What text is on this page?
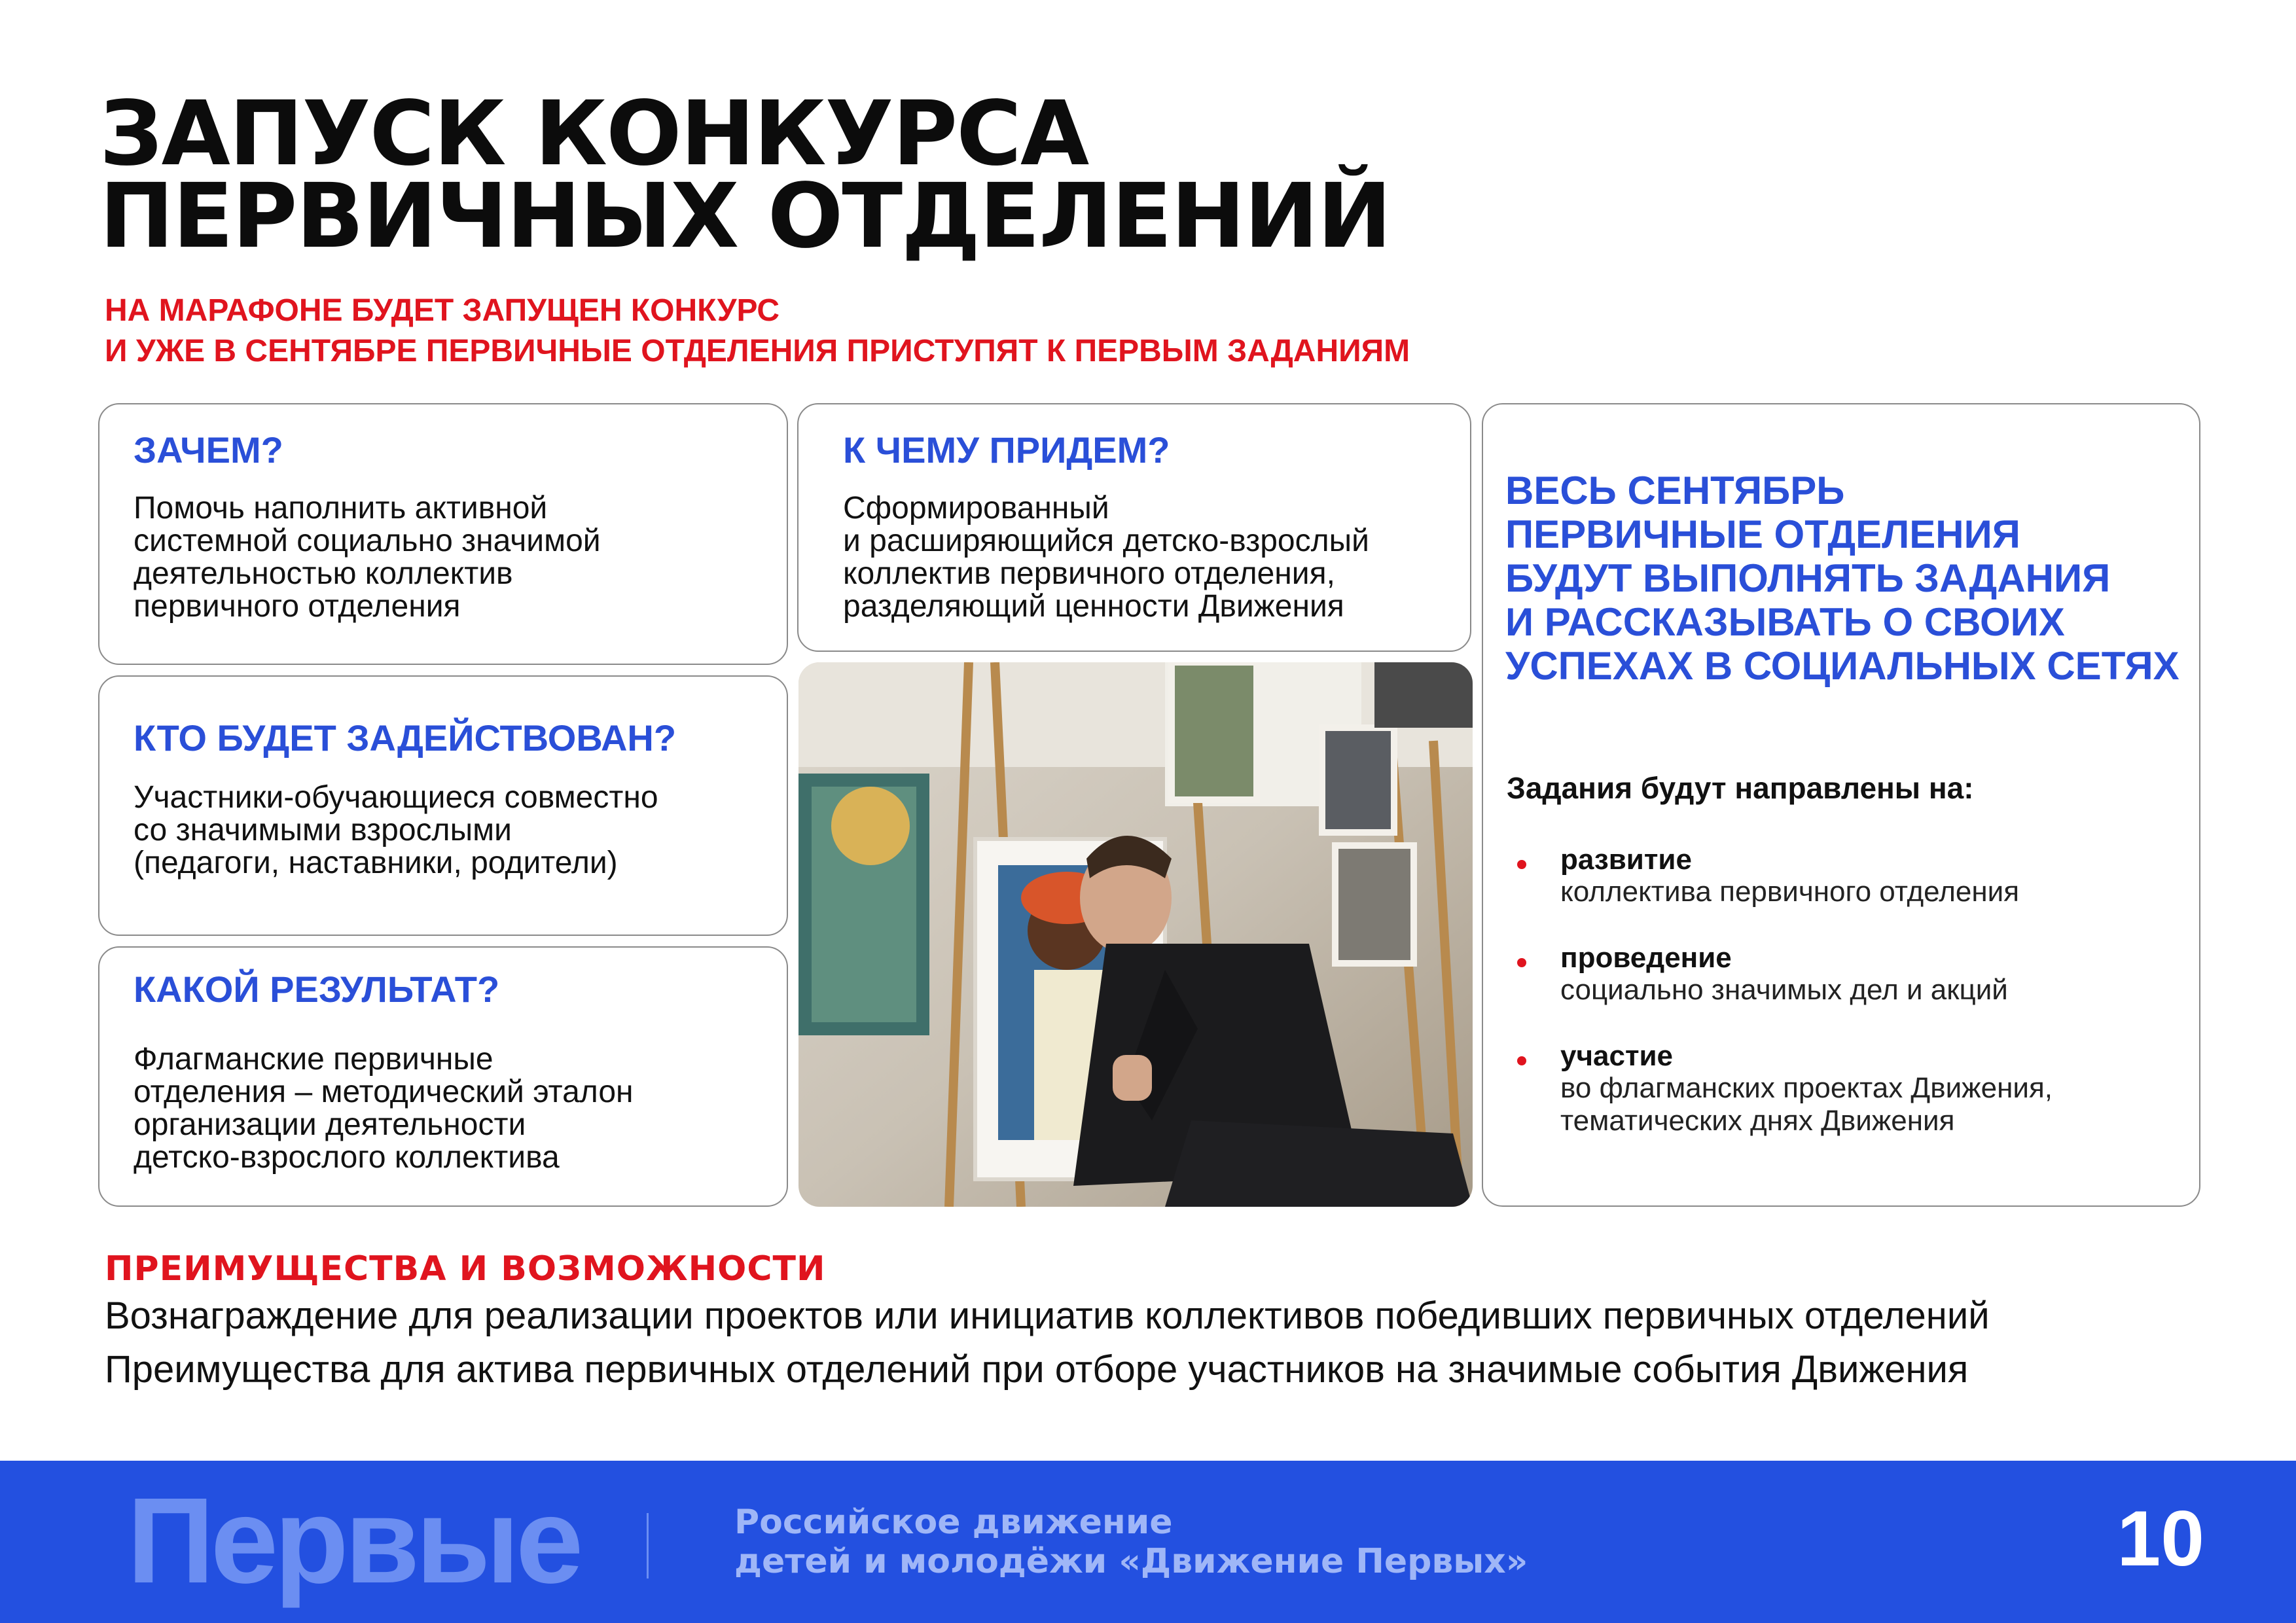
ЗАПУСК КОНКУРСА
ПЕРВИЧНЫХ ОТДЕЛЕНИЙ
НА МАРАФОНЕ БУДЕТ ЗАПУЩЕН КОНКУРС
И УЖЕ В СЕНТЯБРЕ ПЕРВИЧНЫЕ ОТДЕЛЕНИЯ ПРИСТУПЯТ К ПЕРВЫМ ЗАДАНИЯМ
ЗАЧЕМ?
Помочь наполнить активной
системной социально значимой
деятельностью коллектив
первичного отделения
КТО БУДЕТ ЗАДЕЙСТВОВАН?
Участники-обучающиеся совместно
со значимыми взрослыми
(педагоги, наставники, родители)
КАКОЙ РЕЗУЛЬТАТ?
Флагманские первичные
отделения – методический эталон
организации деятельности
детско-взрослого коллектива
К ЧЕМУ ПРИДЕМ?
Сформированный
и расширяющийся детско-взрослый
коллектив первичного отделения,
разделяющий ценности Движения
ВЕСЬ СЕНТЯБРЬ
ПЕРВИЧНЫЕ ОТДЕЛЕНИЯ
БУДУТ ВЫПОЛНЯТЬ ЗАДАНИЯ
И РАССКАЗЫВАТЬ О СВОИХ
УСПЕХАХ В СОЦИАЛЬНЫХ СЕТЯХ
Задания будут направлены на:
развитие
коллектива первичного отделения
проведение
социально значимых дел и акций
участие
во флагманских проектах Движения,
тематических днях Движения
ПРЕИМУЩЕСТВА И ВОЗМОЖНОСТИ
Вознаграждение для реализации проектов или инициатив коллективов победивших первичных отделений
Преимущества для актива первичных отделений при отборе участников на значимые события Движения
Первые	Российское движение
детей и молодёжи «Движение Первых»	10
